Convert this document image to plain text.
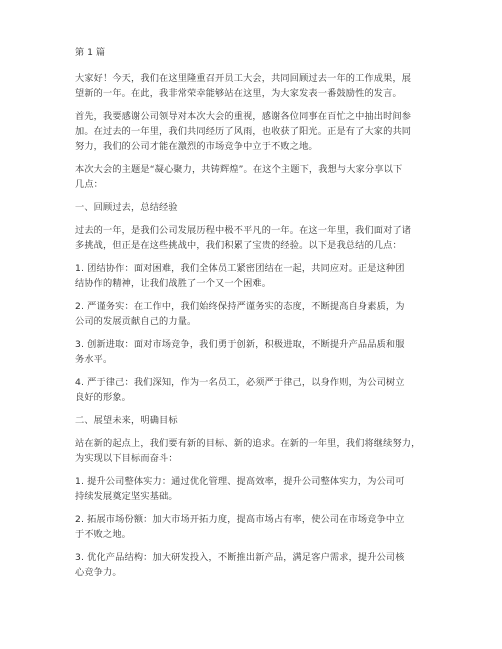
第 1 篇
大家好！今天，我们在这里隆重召开员工大会，共同回顾过去一年的工作成果，展
望新的一年。在此，我非常荣幸能够站在这里，为大家发表一番鼓励性的发言。
首先，我要感谢公司领导对本次大会的重视，感谢各位同事在百忙之中抽出时间参
加。在过去的一年里，我们共同经历了风雨，也收获了阳光。正是有了大家的共同
努力，我们的公司才能在激烈的市场竞争中立于不败之地。
本次大会的主题是“凝心聚力，共铸辉煌”。在这个主题下，我想与大家分享以下
几点：
一、回顾过去，总结经验
过去的一年，是我们公司发展历程中极不平凡的一年。在这一年里，我们面对了诸
多挑战，但正是在这些挑战中，我们积累了宝贵的经验。以下是我总结的几点：
1. 团结协作：面对困难，我们全体员工紧密团结在一起，共同应对。正是这种团
结协作的精神，让我们战胜了一个又一个困难。
2. 严谨务实：在工作中，我们始终保持严谨务实的态度，不断提高自身素质，为
公司的发展贡献自己的力量。
3. 创新进取：面对市场竞争，我们勇于创新，积极进取，不断提升产品品质和服
务水平。
4. 严于律己：我们深知，作为一名员工，必须严于律己，以身作则，为公司树立
良好的形象。
二、展望未来，明确目标
站在新的起点上，我们要有新的目标、新的追求。在新的一年里，我们将继续努力，
为实现以下目标而奋斗：
1. 提升公司整体实力：通过优化管理、提高效率，提升公司整体实力，为公司可
持续发展奠定坚实基础。
2. 拓展市场份额：加大市场开拓力度，提高市场占有率，使公司在市场竞争中立
于不败之地。
3. 优化产品结构：加大研发投入，不断推出新产品，满足客户需求，提升公司核
心竞争力。
